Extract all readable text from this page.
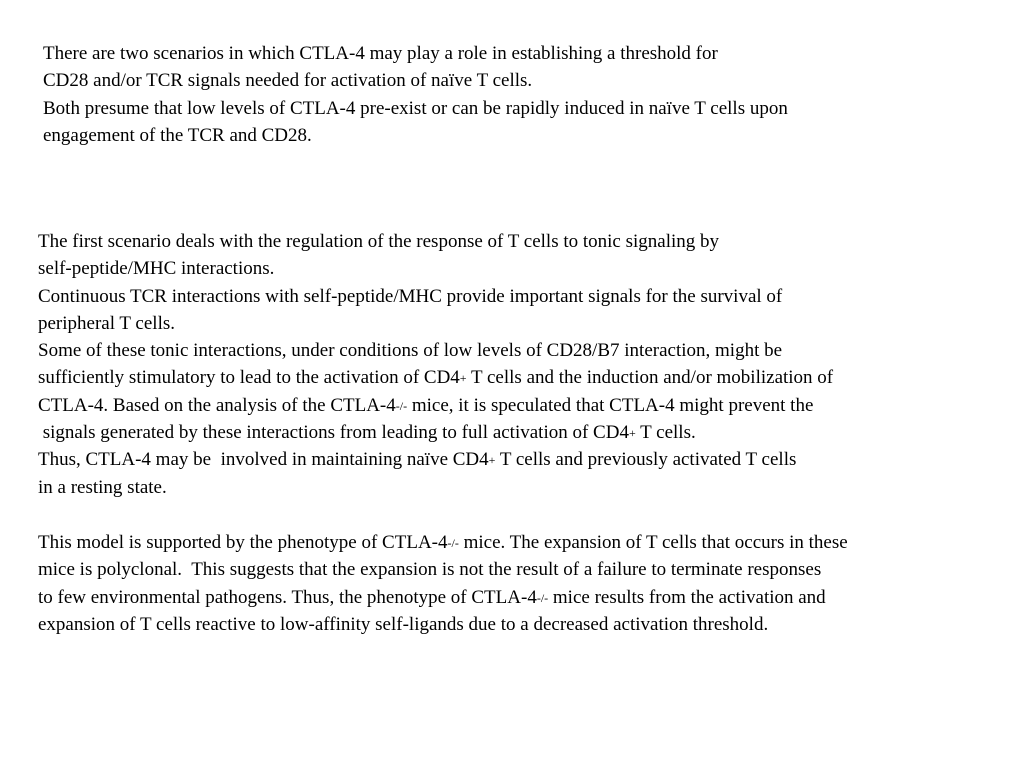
There are two scenarios in which CTLA-4 may play a role in establishing a threshold for
CD28 and/or TCR signals needed for activation of naïve T cells.
Both presume that low levels of CTLA-4 pre-exist or can be rapidly induced in naïve T cells upon
engagement of the TCR and CD28.
The first scenario deals with the regulation of the response of T cells to tonic signaling by
self-peptide/MHC interactions.
Continuous TCR interactions with self-peptide/MHC provide important signals for the survival of
peripheral T cells.
Some of these tonic interactions, under conditions of low levels of CD28/B7 interaction, might be
sufficiently stimulatory to lead to the activation of CD4+ T cells and the induction and/or mobilization of
CTLA-4. Based on the analysis of the CTLA-4-/- mice, it is speculated that CTLA-4 might prevent the
signals generated by these interactions from leading to full activation of CD4+ T cells.
Thus, CTLA-4 may be  involved in maintaining naïve CD4+ T cells and previously activated T cells
in a resting state.
This model is supported by the phenotype of CTLA-4-/- mice. The expansion of T cells that occurs in these
mice is polyclonal.  This suggests that the expansion is not the result of a failure to terminate responses
to few environmental pathogens. Thus, the phenotype of CTLA-4-/- mice results from the activation and
expansion of T cells reactive to low-affinity self-ligands due to a decreased activation threshold.
